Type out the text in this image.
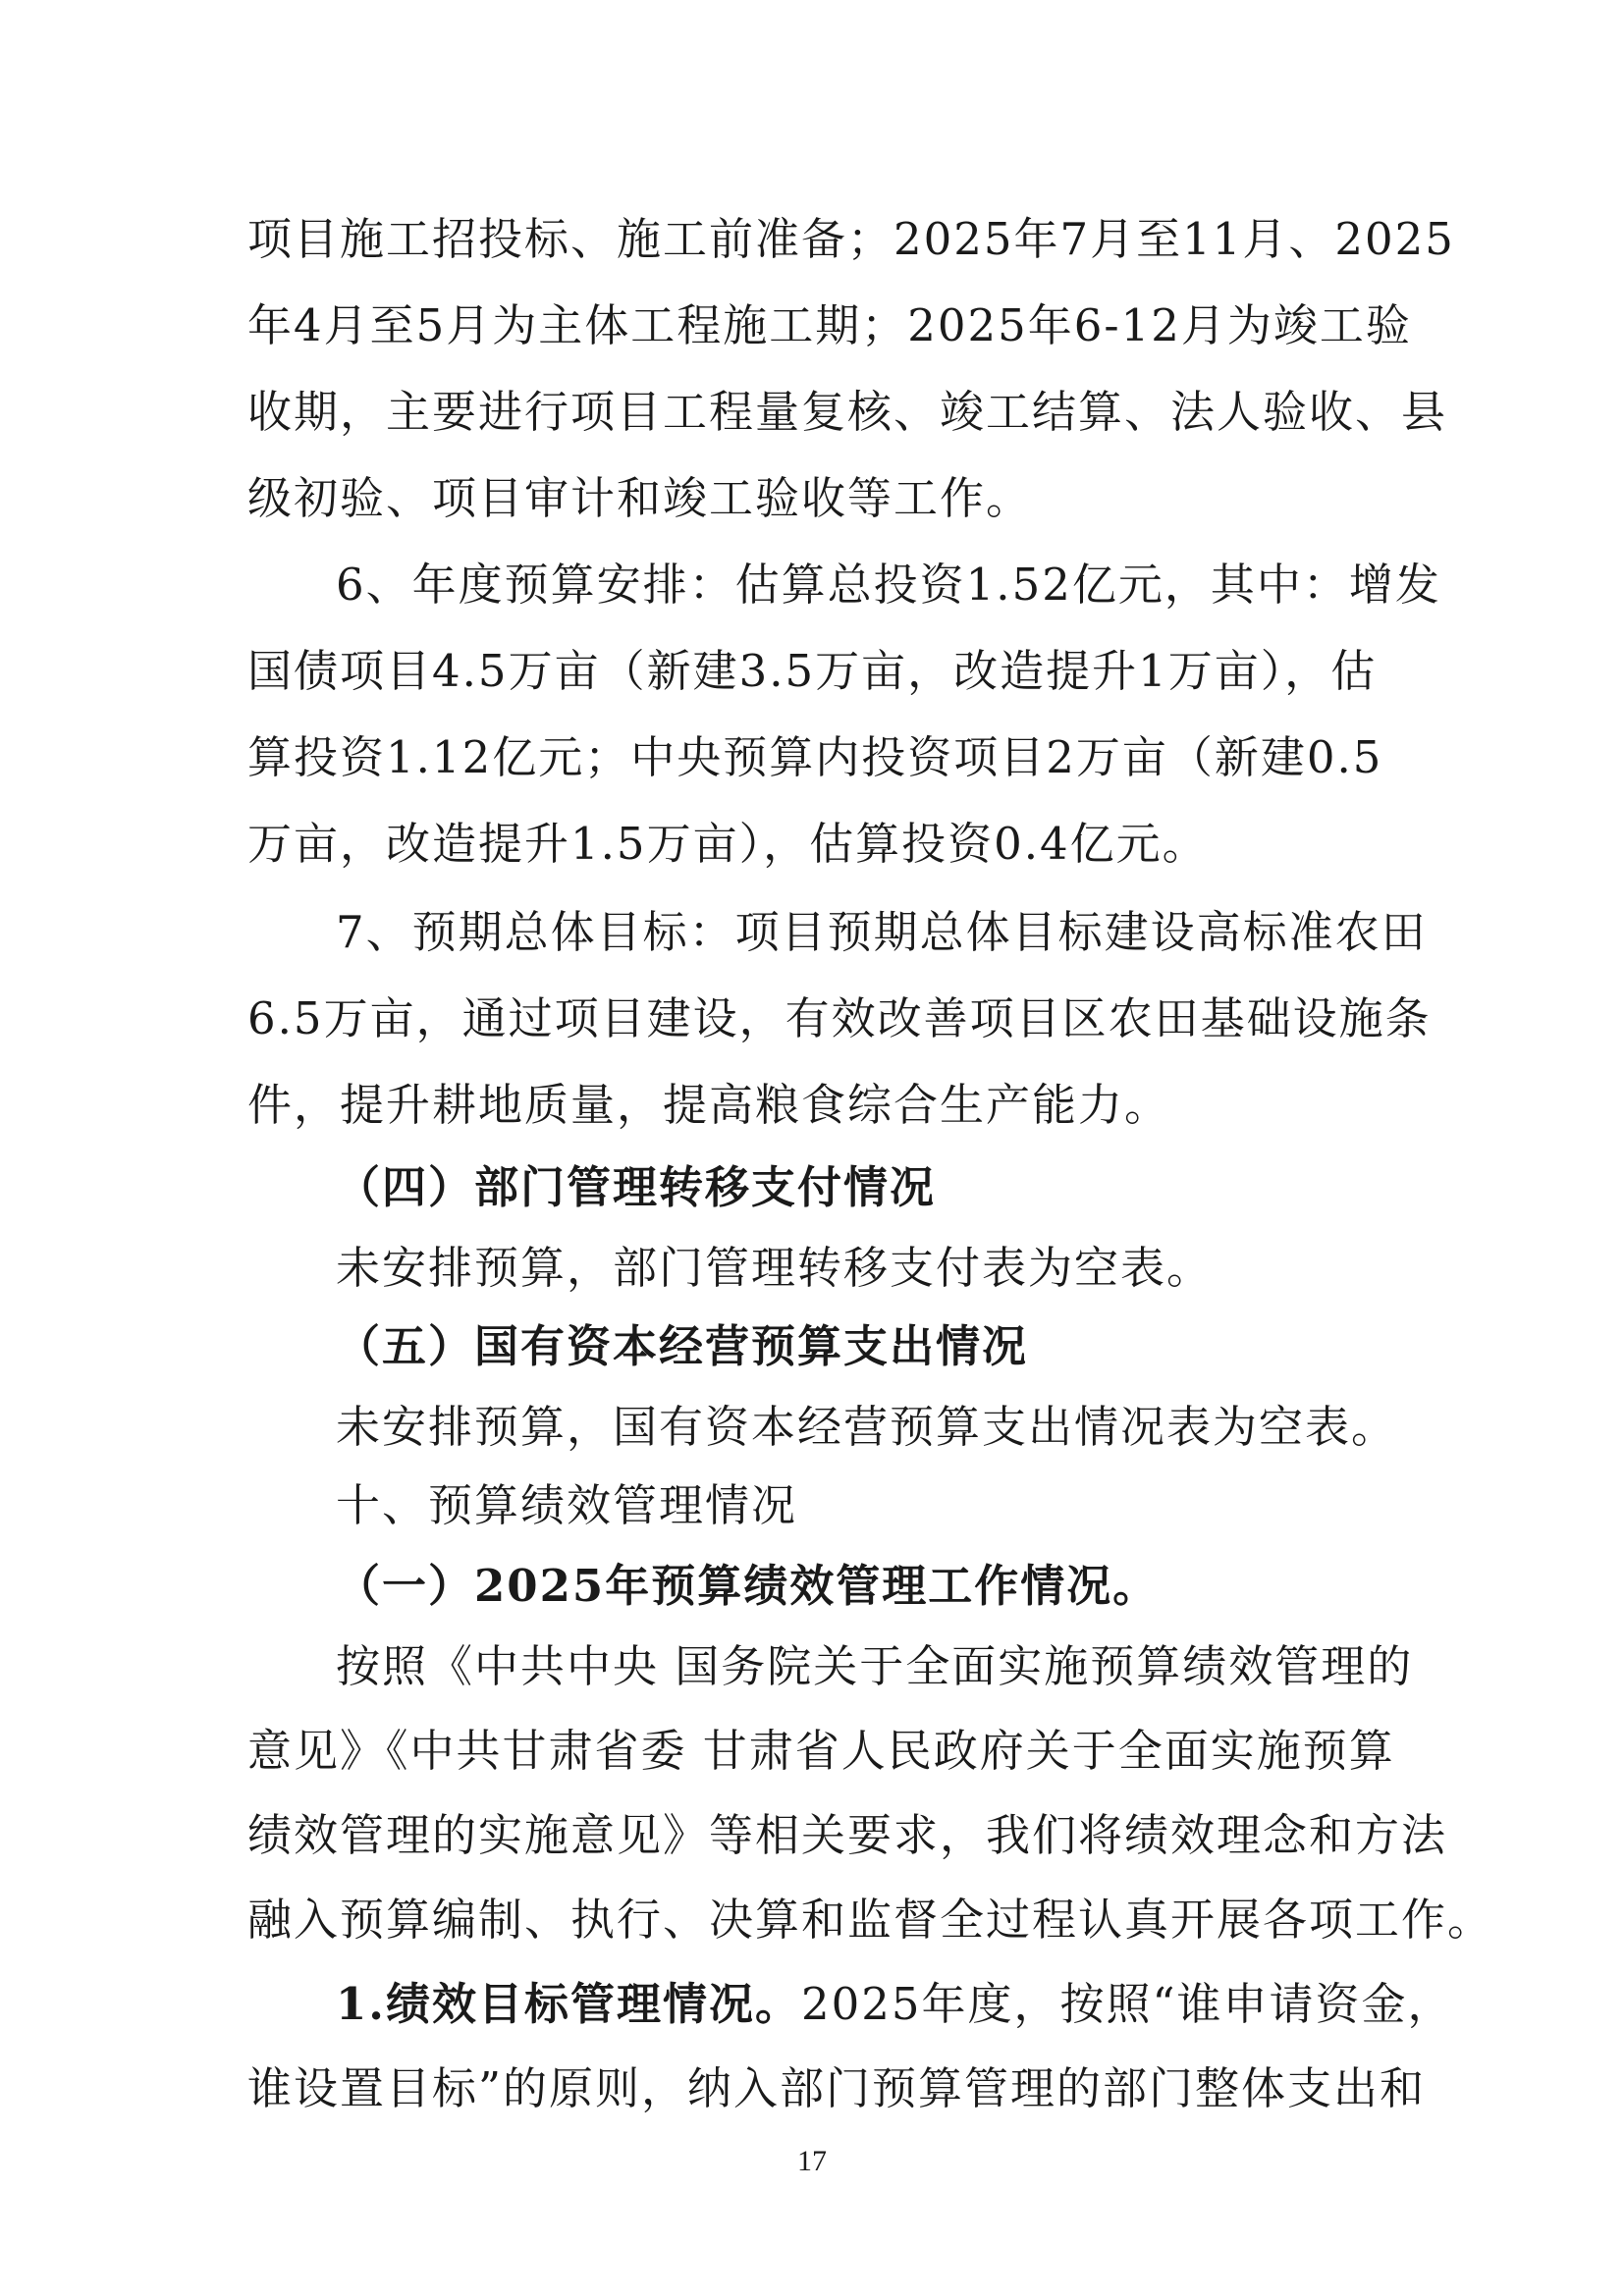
项目施工招投标、施工前准备；2025年7月至11月、2025
年4月至5月为主体工程施工期；2025年6-12月为竣工验
收期，主要进行项目工程量复核、竣工结算、法人验收、县
级初验、项目审计和竣工验收等工作。
6、年度预算安排：估算总投资1.52亿元，其中：增发
国债项目4.5万亩（新建3.5万亩，改造提升1万亩），估
算投资1.12亿元；中央预算内投资项目2万亩（新建0.5
万亩，改造提升1.5万亩），估算投资0.4亿元。
7、预期总体目标：项目预期总体目标建设高标准农田
6.5万亩，通过项目建设，有效改善项目区农田基础设施条
件，提升耕地质量，提高粮食综合生产能力。
（四）部门管理转移支付情况
未安排预算，部门管理转移支付表为空表。
（五）国有资本经营预算支出情况
未安排预算，国有资本经营预算支出情况表为空表。
十、预算绩效管理情况
（一）2025年预算绩效管理工作情况。
按照《中共中央 国务院关于全面实施预算绩效管理的
意见》《中共甘肃省委 甘肃省人民政府关于全面实施预算
绩效管理的实施意见》等相关要求，我们将绩效理念和方法
融入预算编制、执行、决算和监督全过程认真开展各项工作。
1.绩效目标管理情况。2025年度，按照“谁申请资金，
谁设置目标”的原则，纳入部门预算管理的部门整体支出和
17
